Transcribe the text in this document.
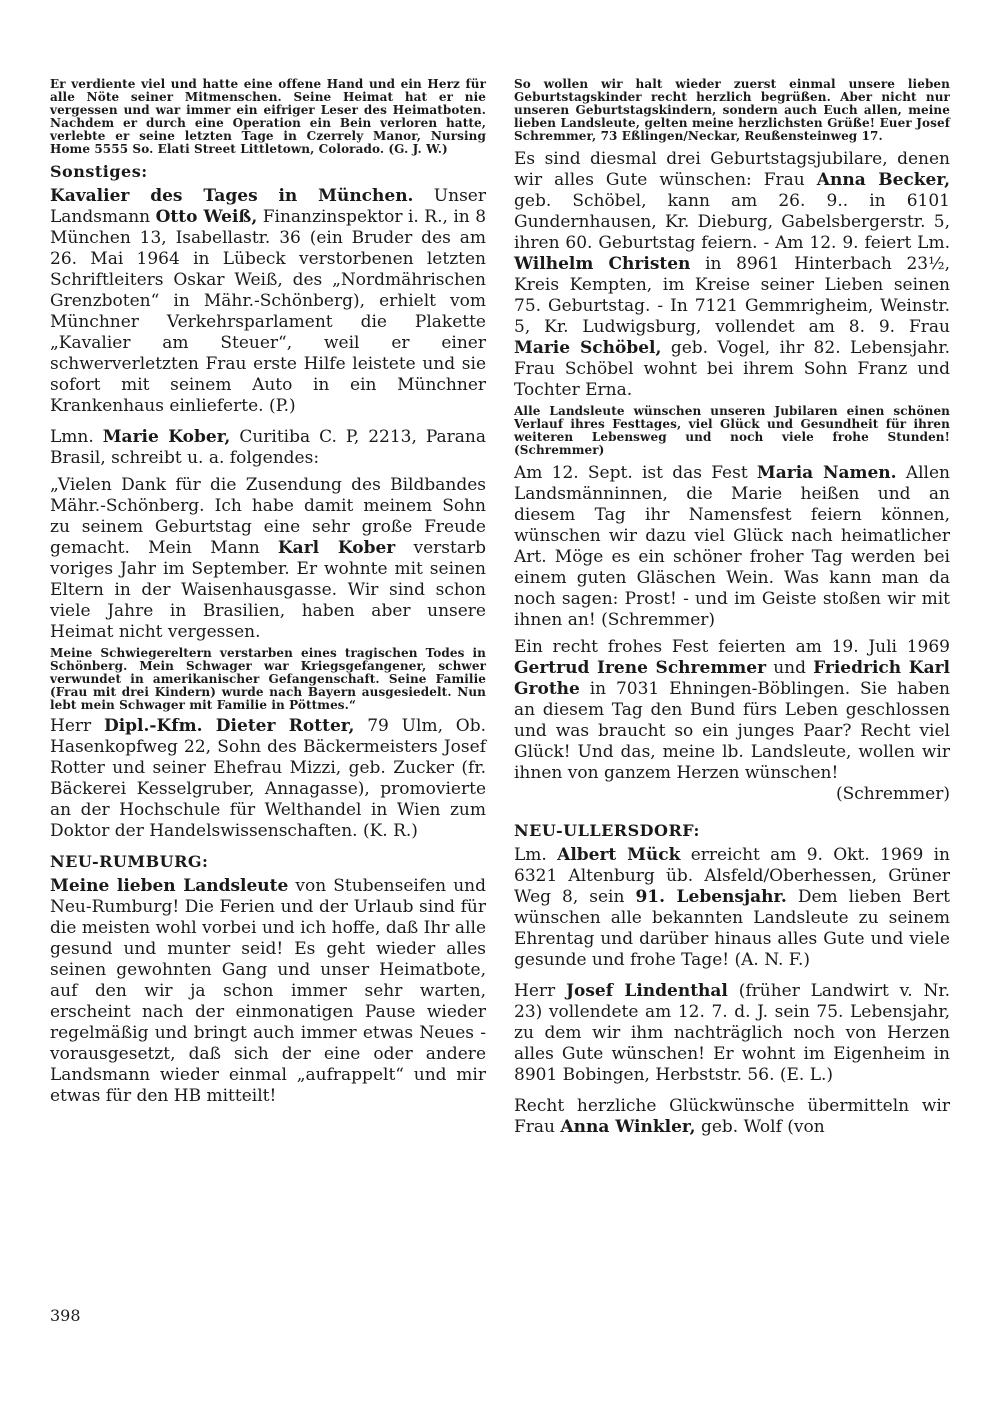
Er verdiente viel und hatte eine offene Hand und ein Herz für alle Nöte seiner Mitmenschen. Seine Heimat hat er nie vergessen und war immer ein eifriger Leser des Heimatboten. Nachdem er durch eine Operation ein Bein verloren hatte, verlebte er seine letzten Tage in Czerrely Manor, Nursing Home 5555 So. Elati Street Littletown, Colorado. (G. J. W.)

Sonstiges:

Kavalier des Tages in München. Unser Landsmann Otto Weiß, Finanzinspektor i. R., in 8 München 13, Isabellastr. 36 (ein Bruder des am 26. Mai 1964 in Lübeck verstorbenen letzten Schriftleiters Oskar Weiß, des „Nordmährischen Grenzboten“ in Mähr.-Schönberg), erhielt vom Münchner Verkehrsparlament die Plakette „Kavalier am Steuer“, weil er einer schwerverletzten Frau erste Hilfe leistete und sie sofort mit seinem Auto in ein Münchner Krankenhaus einlieferte. (P.)

Lmn. Marie Kober, Curitiba C. P, 2213, Parana Brasil, schreibt u. a. folgendes:

„Vielen Dank für die Zusendung des Bildbandes Mähr.-Schönberg. Ich habe damit meinem Sohn zu seinem Geburtstag eine sehr große Freude gemacht. Mein Mann Karl Kober verstarb voriges Jahr im September. Er wohnte mit seinen Eltern in der Waisenhausgasse. Wir sind schon viele Jahre in Brasilien, haben aber unsere Heimat nicht vergessen.

Meine Schwiegereltern verstarben eines tragischen Todes in Schönberg. Mein Schwager war Kriegsgefangener, schwer verwundet in amerikanischer Gefangenschaft. Seine Familie (Frau mit drei Kindern) wurde nach Bayern ausgesiedelt. Nun lebt mein Schwager mit Familie in Pöttmes.“

Herr Dipl.-Kfm. Dieter Rotter, 79 Ulm, Ob. Hasenkopfweg 22, Sohn des Bäckermeisters Josef Rotter und seiner Ehefrau Mizzi, geb. Zucker (fr. Bäckerei Kesselgruber, Annagasse), promovierte an der Hochschule für Welthandel in Wien zum Doktor der Handelswissenschaften. (K. R.)

NEU-RUMBURG:

Meine lieben Landsleute von Stubenseifen und Neu-Rumburg! Die Ferien und der Urlaub sind für die meisten wohl vorbei und ich hoffe, daß Ihr alle gesund und munter seid! Es geht wieder alles seinen gewohnten Gang und unser Heimatbote, auf den wir ja schon immer sehr warten, erscheint nach der einmonatigen Pause wieder regelmäßig und bringt auch immer etwas Neues - vorausgesetzt, daß sich der eine oder andere Landsmann wieder einmal „aufrappelt“ und mir etwas für den HB mitteilt!

So wollen wir halt wieder zuerst einmal unsere lieben Geburtstagskinder recht herzlich begrüßen. Aber nicht nur unseren Geburtstagskindern, sondern auch Euch allen, meine lieben Landsleute, gelten meine herzlichsten Grüße! Euer Josef Schremmer, 73 Eßlingen/Neckar, Reußensteinweg 17.

Es sind diesmal drei Geburtstagsjubilare, denen wir alles Gute wünschen: Frau Anna Becker, geb. Schöbel, kann am 26. 9.. in 6101 Gundernhausen, Kr. Dieburg, Gabelsbergerstr. 5, ihren 60. Geburtstag feiern. - Am 12. 9. feiert Lm. Wilhelm Christen in 8961 Hinterbach 23½, Kreis Kempten, im Kreise seiner Lieben seinen 75. Geburtstag. - In 7121 Gemmrigheim, Weinstr. 5, Kr. Ludwigsburg, vollendet am 8. 9. Frau Marie Schöbel, geb. Vogel, ihr 82. Lebensjahr. Frau Schöbel wohnt bei ihrem Sohn Franz und Tochter Erna.

Alle Landsleute wünschen unseren Jubilaren einen schönen Verlauf ihres Festtages, viel Glück und Gesundheit für ihren weiteren Lebensweg und noch viele frohe Stunden! (Schremmer)

Am 12. Sept. ist das Fest Maria Namen. Allen Landsmänninnen, die Marie heißen und an diesem Tag ihr Namensfest feiern können, wünschen wir dazu viel Glück nach heimatlicher Art. Möge es ein schöner froher Tag werden bei einem guten Gläschen Wein. Was kann man da noch sagen: Prost! - und im Geiste stoßen wir mit ihnen an! (Schremmer)

Ein recht frohes Fest feierten am 19. Juli 1969 Gertrud Irene Schremmer und Friedrich Karl Grothe in 7031 Ehningen-Böblingen. Sie haben an diesem Tag den Bund fürs Leben geschlossen und was braucht so ein junges Paar? Recht viel Glück! Und das, meine lb. Landsleute, wollen wir ihnen von ganzem Herzen wünschen!

(Schremmer)

NEU-ULLERSDORF:

Lm. Albert Mück erreicht am 9. Okt. 1969 in 6321 Altenburg üb. Alsfeld/Oberhessen, Grüner Weg 8, sein 91. Lebensjahr. Dem lieben Bert wünschen alle bekannten Landsleute zu seinem Ehrentag und darüber hinaus alles Gute und viele gesunde und frohe Tage! (A. N. F.)

Herr Josef Lindenthal (früher Landwirt v. Nr. 23) vollendete am 12. 7. d. J. sein 75. Lebensjahr, zu dem wir ihm nachträglich noch von Herzen alles Gute wünschen! Er wohnt im Eigenheim in 8901 Bobingen, Herbststr. 56. (E. L.)

Recht herzliche Glückwünsche übermitteln wir Frau Anna Winkler, geb. Wolf (von

398
